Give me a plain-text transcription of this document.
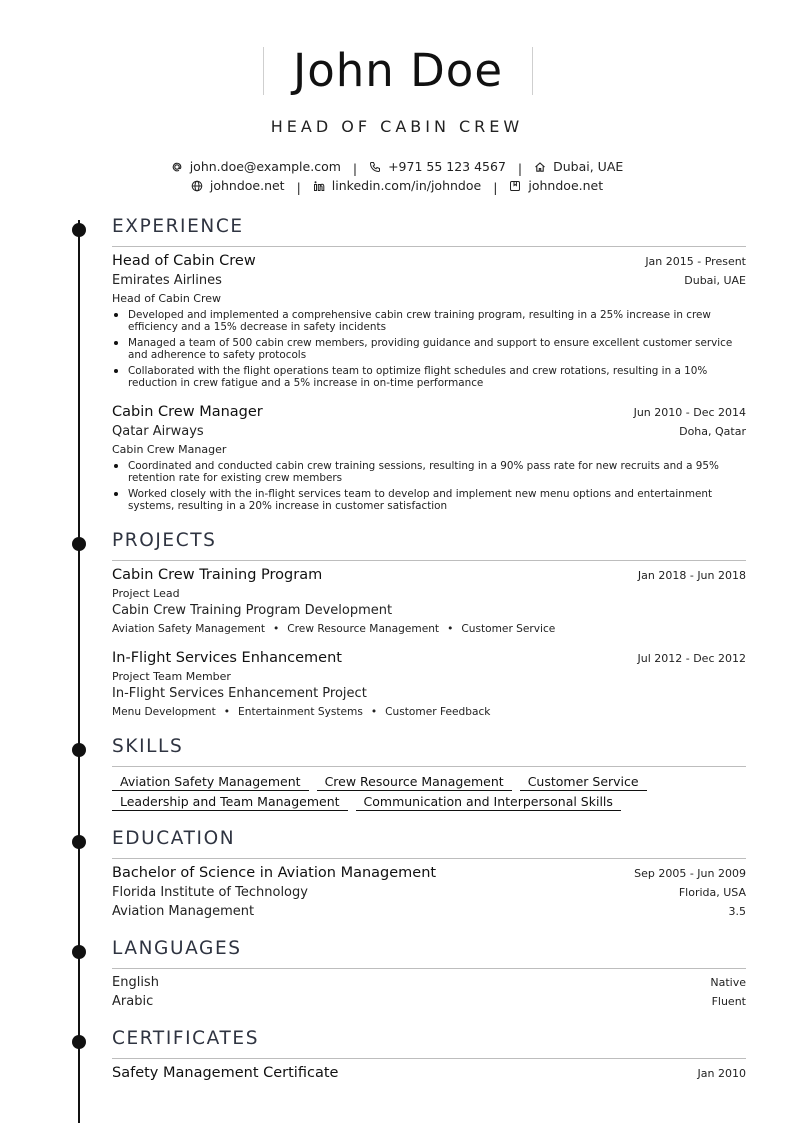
John Doe
HEAD OF CABIN CREW
john.doe@example.com | +971 55 123 4567 | Dubai, UAE
johndoe.net | linkedin.com/in/johndoe | johndoe.net
EXPERIENCE
Head of Cabin Crew	Jan 2015 - Present
Emirates Airlines	Dubai, UAE
Head of Cabin Crew
Developed and implemented a comprehensive cabin crew training program, resulting in a 25% increase in crew efficiency and a 15% decrease in safety incidents
Managed a team of 500 cabin crew members, providing guidance and support to ensure excellent customer service and adherence to safety protocols
Collaborated with the flight operations team to optimize flight schedules and crew rotations, resulting in a 10% reduction in crew fatigue and a 5% increase in on-time performance
Cabin Crew Manager	Jun 2010 - Dec 2014
Qatar Airways	Doha, Qatar
Cabin Crew Manager
Coordinated and conducted cabin crew training sessions, resulting in a 90% pass rate for new recruits and a 95% retention rate for existing crew members
Worked closely with the in-flight services team to develop and implement new menu options and entertainment systems, resulting in a 20% increase in customer satisfaction
PROJECTS
Cabin Crew Training Program	Jan 2018 - Jun 2018
Project Lead
Cabin Crew Training Program Development
Aviation Safety Management • Crew Resource Management • Customer Service
In-Flight Services Enhancement	Jul 2012 - Dec 2012
Project Team Member
In-Flight Services Enhancement Project
Menu Development • Entertainment Systems • Customer Feedback
SKILLS
Aviation Safety Management	Crew Resource Management	Customer Service
Leadership and Team Management	Communication and Interpersonal Skills
EDUCATION
Bachelor of Science in Aviation Management	Sep 2005 - Jun 2009
Florida Institute of Technology	Florida, USA
Aviation Management	3.5
LANGUAGES
English	Native
Arabic	Fluent
CERTIFICATES
Safety Management Certificate	Jan 2010
